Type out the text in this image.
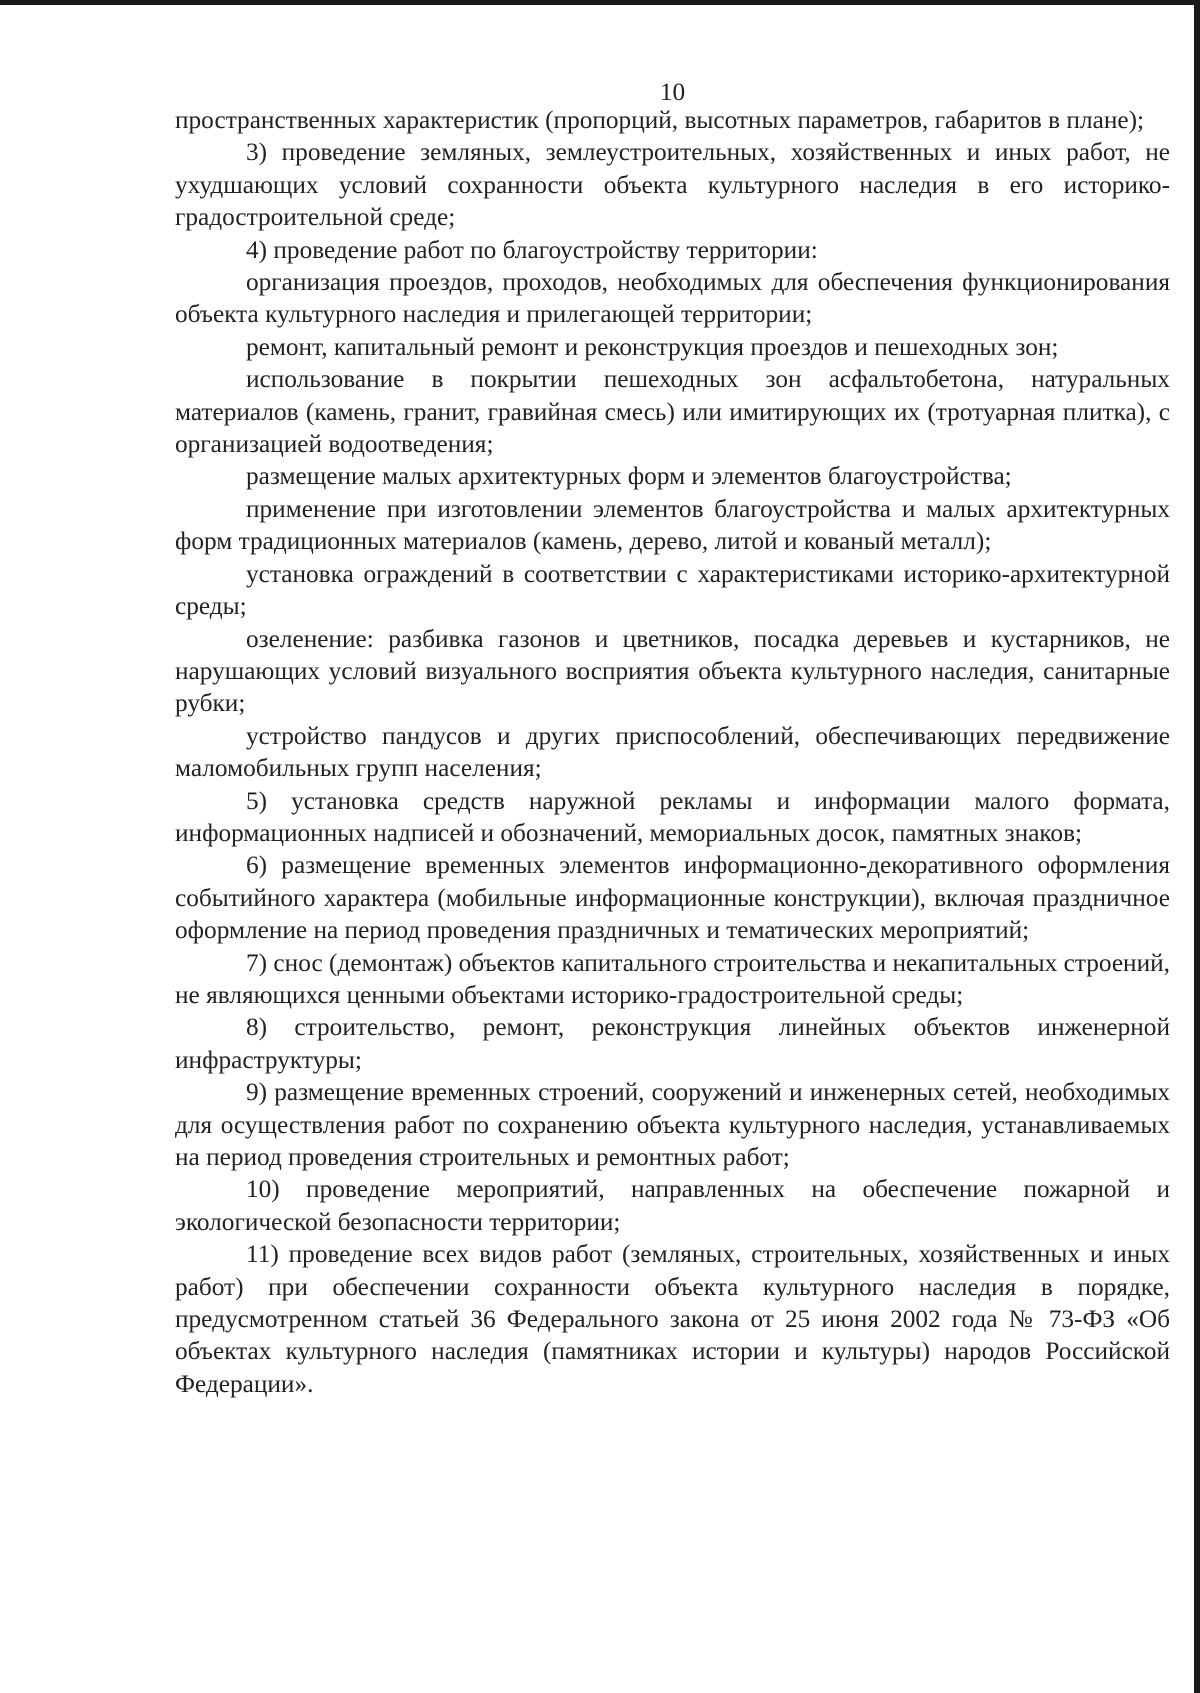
10

пространственных характеристик (пропорций, высотных параметров, габаритов в плане);

3) проведение земляных, землеустроительных, хозяйственных и иных работ, не ухудшающих условий сохранности объекта культурного наследия в его историко-градостроительной среде;

4) проведение работ по благоустройству территории:

организация проездов, проходов, необходимых для обеспечения функционирования объекта культурного наследия и прилегающей территории;

ремонт, капитальный ремонт и реконструкция проездов и пешеходных зон;

использование в покрытии пешеходных зон асфальтобетона, натуральных материалов (камень, гранит, гравийная смесь) или имитирующих их (тротуарная плитка), с организацией водоотведения;

размещение малых архитектурных форм и элементов благоустройства;

применение при изготовлении элементов благоустройства и малых архитектурных форм традиционных материалов (камень, дерево, литой и кованый металл);

установка ограждений в соответствии с характеристиками историко-архитектурной среды;

озеленение: разбивка газонов и цветников, посадка деревьев и кустарников, не нарушающих условий визуального восприятия объекта культурного наследия, санитарные рубки;

устройство пандусов и других приспособлений, обеспечивающих передвижение маломобильных групп населения;

5) установка средств наружной рекламы и информации малого формата, информационных надписей и обозначений, мемориальных досок, памятных знаков;

6) размещение временных элементов информационно-декоративного оформления событийного характера (мобильные информационные конструкции), включая праздничное оформление на период проведения праздничных и тематических мероприятий;

7) снос (демонтаж) объектов капитального строительства и некапитальных строений, не являющихся ценными объектами историко-градостроительной среды;

8) строительство, ремонт, реконструкция линейных объектов инженерной инфраструктуры;

9) размещение временных строений, сооружений и инженерных сетей, необходимых для осуществления работ по сохранению объекта культурного наследия, устанавливаемых на период проведения строительных и ремонтных работ;

10) проведение мероприятий, направленных на обеспечение пожарной и экологической безопасности территории;

11) проведение всех видов работ (земляных, строительных, хозяйственных и иных работ) при обеспечении сохранности объекта культурного наследия в порядке, предусмотренном статьей 36 Федерального закона от 25 июня 2002 года № 73-ФЗ «Об объектах культурного наследия (памятниках истории и культуры) народов Российской Федерации».
